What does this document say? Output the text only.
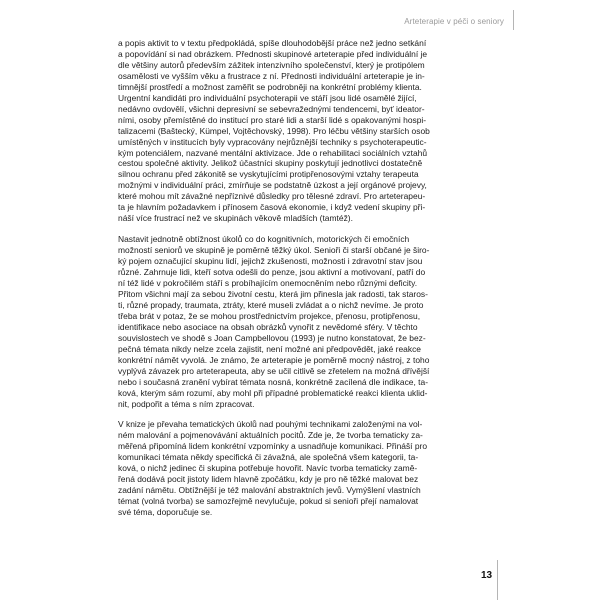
Arteterapie v péči o seniory

a popis aktivit to v textu předpokládá, spíše dlouhodobější práce než jedno setkání
a popovídání si nad obrázkem. Přednosti skupinové arteterapie před individuální je
dle většiny autorů především zážitek intenzivního společenství, který je protipólem
osamělosti ve vyšším věku a frustrace z ní. Přednosti individuální arteterapie je in-
timnější prostředí a možnost zaměřit se podrobněji na konkrétní problémy klienta.
Urgentní kandidáti pro individuální psychoterapii ve stáří jsou lidé osamělé žijící,
nedávno ovdovělí, všichni depresivní se sebevražednými tendencemi, byť ideator-
ními, osoby přemístěné do institucí pro staré lidi a starší lidé s opakovanými hospi-
talizacemi (Baštecký, Kümpel, Vojtěchovský, 1998). Pro léčbu většiny starších osob
umístěných v institucích byly vypracovány nejrůznější techniky s psychoterapeutic-
kým potenciálem, nazvané mentální aktivizace. Jde o rehabilitaci sociálních vztahů
cestou společné aktivity. Jelikož účastníci skupiny poskytují jednotlivci dostatečně
silnou ochranu před zákonitě se vyskytujícími protipřenosovými vztahy terapeuta
možnými v individuální práci, zmírňuje se podstatně úzkost a její orgánové projevy,
které mohou mít závažné nepříznivé důsledky pro tělesné zdraví. Pro arteterapeu-
ta je hlavním požadavkem i přínosem časová ekonomie, i když vedení skupiny při-
náší více frustrací než ve skupinách věkově mladších (tamtéž).

Nastavit jednotně obtížnost úkolů co do kognitivních, motorických či emočních
možností seniorů ve skupině je poměrně těžký úkol. Senioři či starší občané je širo-
ký pojem označující skupinu lidí, jejichž zkušenosti, možnosti i zdravotní stav jsou
různé. Zahrnuje lidi, kteří sotva odešli do penze, jsou aktivní a motivovaní, patří do
ní též lidé v pokročilém stáří s probíhajícím onemocněním nebo různými deficity.
Přitom všichni mají za sebou životní cestu, která jim přinesla jak radosti, tak staros-
ti, různé propady, traumata, ztráty, které museli zvládat a o nichž nevíme. Je proto
třeba brát v potaz, že se mohou prostřednictvím projekce, přenosu, protipřenosu,
identifikace nebo asociace na obsah obrázků vynořit z nevědomé sféry. V těchto
souvislostech ve shodě s Joan Campbellovou (1993) je nutno konstatovat, že bez-
pečná témata nikdy nelze zcela zajistit, není možné ani předpovědět, jaké reakce
konkrétní námět vyvolá. Je známo, že arteterapie je poměrně mocný nástroj, z toho
vyplývá závazek pro arteterapeuta, aby se učil citlivě se zřetelem na možná dřívější
nebo i současná zranění vybírat témata nosná, konkrétně zacílená dle indikace, ta-
ková, kterým sám rozumí, aby mohl při případné problematické reakci klienta uklid-
nit, podpořit a téma s ním zpracovat.

V knize je převaha tematických úkolů nad pouhými technikami založenými na vol-
ném malování a pojmenovávání aktuálních pocitů. Zde je, že tvorba tematicky za-
měřená připomíná lidem konkrétní vzpomínky a usnadňuje komunikaci. Přináší pro
komunikaci témata někdy specifická či závažná, ale společná všem kategorii, ta-
ková, o nichž jedinec či skupina potřebuje hovořit. Navíc tvorba tematicky zamě-
řená dodává pocit jistoty lidem hlavně zpočátku, kdy je pro ně těžké malovat bez
zadání námětu. Obtížnější je též malování abstraktních jevů. Vymýšlení vlastních
témat (volná tvorba) se samozřejmě nevylučuje, pokud si senioři přejí namalovat
své téma, doporučuje se.

13
